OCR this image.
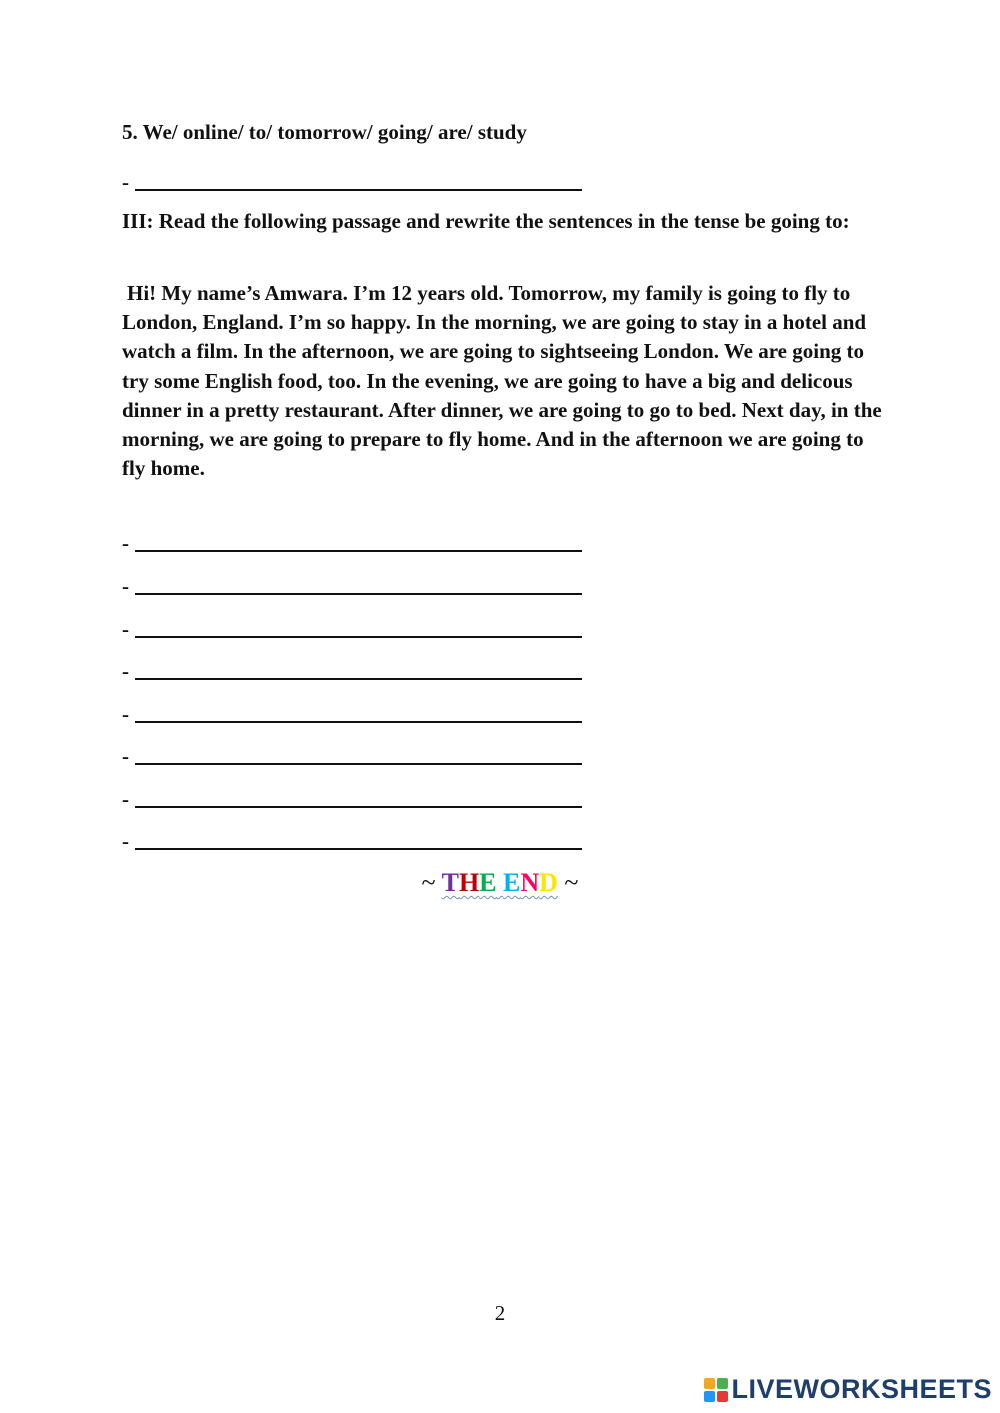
5. We/ online/ to/ tomorrow/ going/ are/ study
-
III: Read the following passage and rewrite the sentences in the tense be going to:
Hi! My name’s Amwara. I’m 12 years old. Tomorrow, my family is going to fly to London, England. I’m so happy. In the morning, we are going to stay in a hotel and watch a film. In the afternoon, we are going to sightseeing London. We are going to try some English food, too. In the evening, we are going to have a big and delicous dinner in a pretty restaurant. After dinner, we are going to go to bed. Next day, in the morning, we are going to prepare to fly home. And in the afternoon we are going to fly home.
-
-
-
-
-
-
-
-
~ THE END ~
2
LIVEWORKSHEETS
